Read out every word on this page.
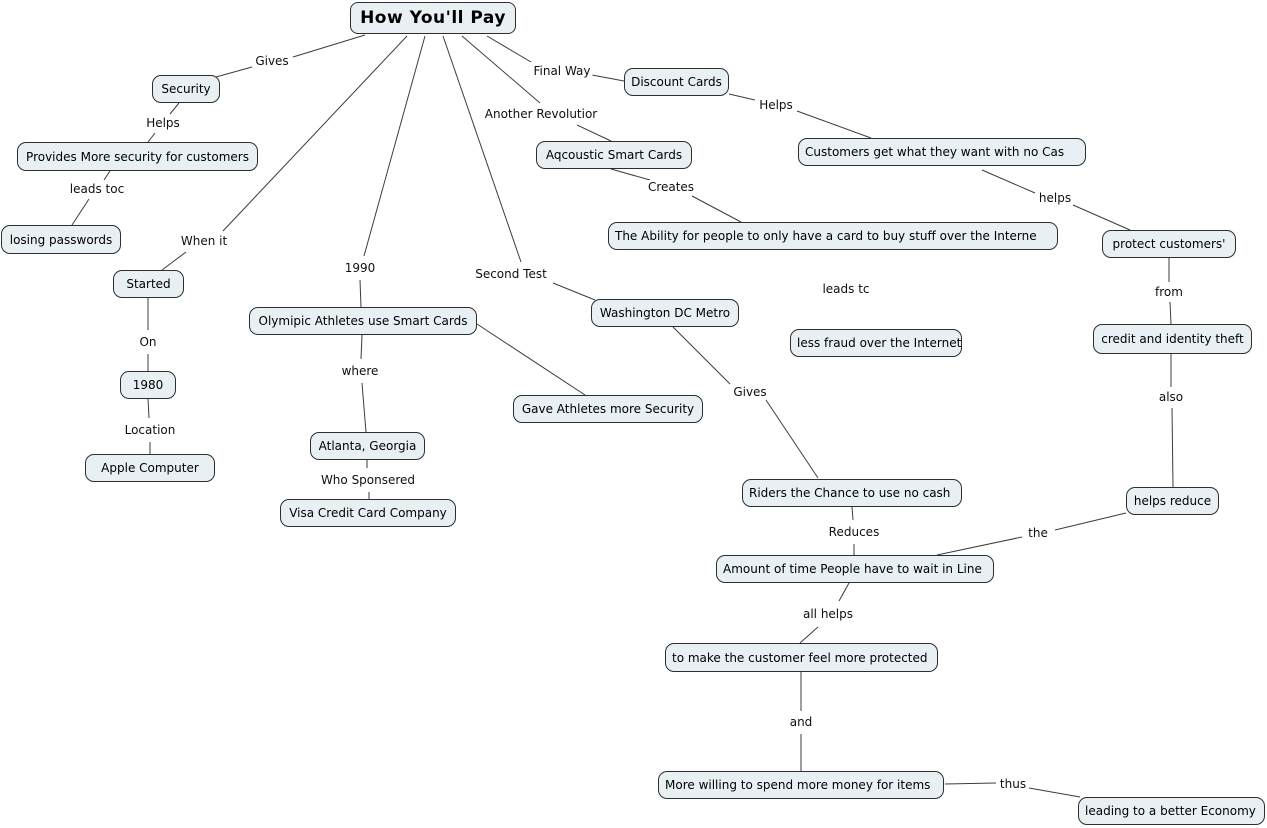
How You'll Pay
Security
Provides More security for customers
losing passwords
Started
1980
Apple Computer
Olymipic Athletes use Smart Cards
Atlanta, Georgia
Visa Credit Card Company
Aqcoustic Smart Cards
Washington DC Metro
Gave Athletes more Security
Discount Cards
Customers get what they want with no Cas
The Ability for people to only have a card to buy stuff over the Interne
less fraud over the Internet
protect customers'
credit and identity theft
helps reduce
Riders the Chance to use no cash
Amount of time People have to wait in Line
to make the customer feel more protected
More willing to spend more money for items
leading to a better Economy
Gives
Helps
leads toc
When it
On
Location
1990
where
Who Sponsered
Second Test
Another Revolutior
Final Way
Helps
Creates
leads tc
helps
from
also
Gives
Reduces	the
all helps
and
thus
